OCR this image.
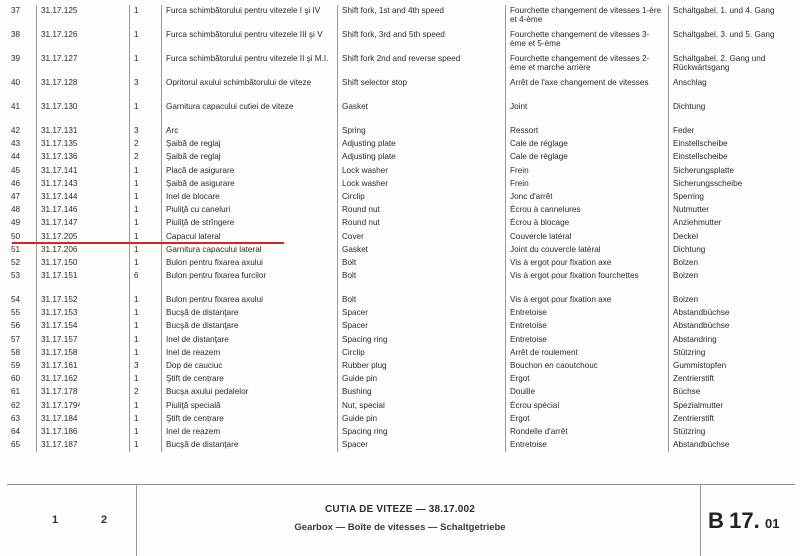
37	31.17.125	1	Furca schimbătorului pentru vitezele I şi IV	Shift fork, 1st and 4th speed	Fourchette changement de vitesses 1-ère et 4-ème	Schaltgabel, 1. und 4. Gang
38	31.17.126	1	Furca schimbătorului pentru vitezele III şi V	Shift fork, 3rd and 5th speed	Fourchette changement de vitesses 3-ème et 5-ème	Schaltgabel, 3. und 5. Gang
39	31.17.127	1	Furca schimbătorului pentru vitezele II şi M.I.	Shift fork 2nd and reverse speed	Fourchette changement de vitesses 2-ème et marche arrière	Schaltgabel, 2. Gang und Rückwärtsgang
40	31.17.128	3	Opritorul axului schimbătorului de viteze	Shift selector stop	Arrêt de l'axe changement de vitesses	Anschlag
41	31.17.130	1	Garnitura capacului cutiei de viteze	Gasket	Joint	Dichtung
42	31.17.131	3	Arc	Spring	Ressort	Feder
43	31.17.135	2	Şaibă de reglaj	Adjusting plate	Cale de réglage	Einstellscheibe
44	31.17.136	2	Şaibă de reglaj	Adjusting plate	Cale de réglage	Einstellscheibe
45	31.17.141	1	Placă de asigurare	Lock washer	Frein	Sicherungsplatte
46	31.17.143	1	Şaibă de asigurare	Lock washer	Frein	Sicherungsscheibe
47	31.17.144	1	Inel de blocare	Circlip	Jonc d'arrêt	Sperring
48	31.17.146	1	Piuliţă cu caneluri	Round nut	Écrou à cannelures	Nutmutter
49	31.17.147	1	Piuliţă de strîngere	Round nut	Écrou à blocage	Anziehmutter
50	31.17.205	1	Capacul lateral	Cover	Couvercle latéral	Deckel
51	31.17.206	1	Garnitura capacului lateral	Gasket	Joint du couvercle latéral	Dichtung
52	31.17.150	1	Bulon pentru fixarea axului	Bolt	Vis à ergot pour fixation axe	Bolzen
53	31.17.151	6	Bulon pentru fixarea furcilor	Bolt	Vis à ergot pour fixation fourchettes	Bolzen
54	31.17.152	1	Bulon pentru fixarea axului	Bolt	Vis à ergot pour fixation axe	Bolzen
55	31.17.153	1	Bucşă de distanţare	Spacer	Entretoise	Abstandbüchse
56	31.17.154	1	Bucşă de distanţare	Spacer	Entretoise	Abstandbüchse
57	31.17.157	1	Inel de distanţare	Spacing ring	Entretoise	Abstandring
58	31.17.158	1	Inel de reazem	Circlip	Arrêt de roulement	Stützring
59	31.17.161	3	Dop de cauciuc	Rubber plug	Bouchon en caoutchouc	Gummistopfen
60	31.17.162	1	Ştift de centrare	Guide pin	Ergot	Zentrierstift
61	31.17.178	2	Bucşa axului pedalelor	Bushing	Douille	Büchse
62	31.17.179²	1	Piuliţă specială	Nut, special	Écrou spécial	Spezialmutter
63	31.17.184	1	Ştift de centrare	Guide pin	Ergot	Zentrierstift
64	31.17.186	1	Inel de reazem	Spacing ring	Rondelle d'arrêt	Stützring
65	31.17.187	1	Bucşă de distanţare	Spacer	Entretoise	Abstandbüchse
1	2
CUTIA DE VITEZE — 38.17.002
Gearbox — Boîte de vitesses — Schaltgetriebe	B 17. 01
